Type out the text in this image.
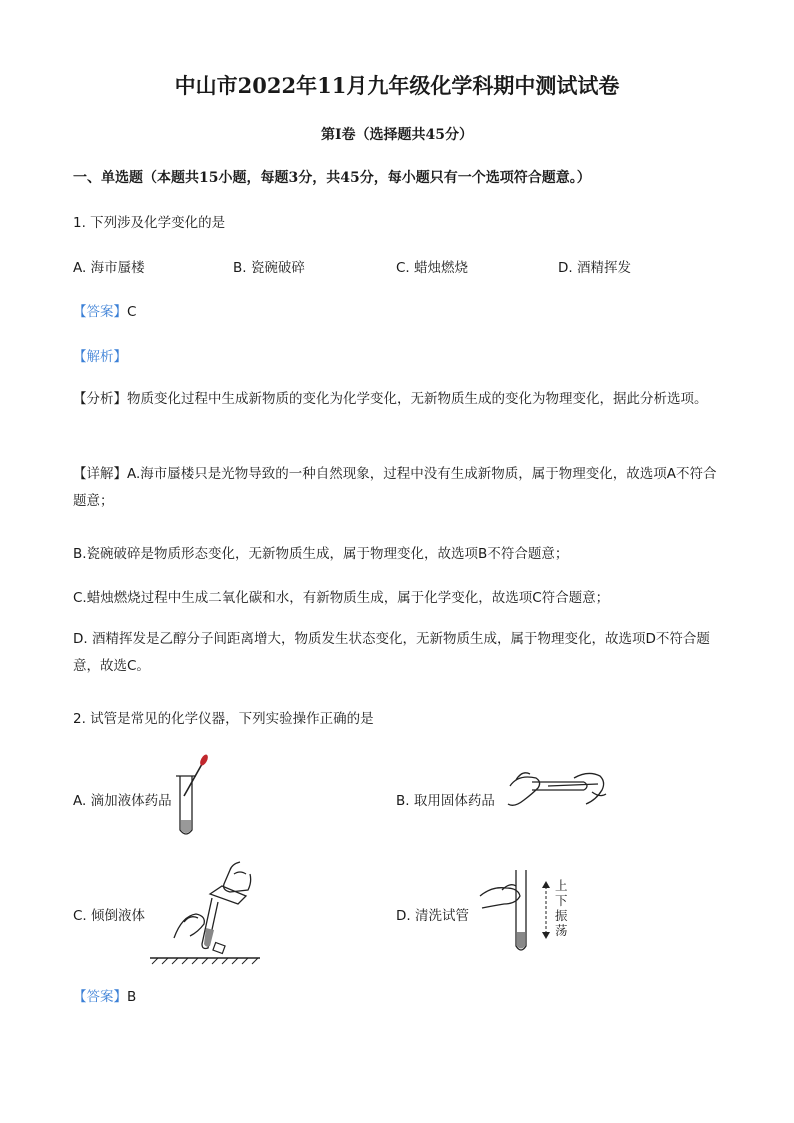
中山市2022年11月九年级化学科期中测试试卷
第Ⅰ卷（选择题共45分）
一、单选题（本题共15小题，每题3分，共45分，每小题只有一个选项符合题意。）
1. 下列涉及化学变化的是
A. 海市蜃楼	B. 瓷碗破碎	C. 蜡烛燃烧	D. 酒精挥发
【答案】C
【解析】
【分析】物质变化过程中生成新物质的变化为化学变化，无新物质生成的变化为物理变化，据此分析选项。
【详解】A.海市蜃楼只是光物导致的一种自然现象，过程中没有生成新物质，属于物理变化，故选项A不符合题意；
B.瓷碗破碎是物质形态变化，无新物质生成，属于物理变化，故选项B不符合题意；
C.蜡烛燃烧过程中生成二氧化碳和水，有新物质生成，属于化学变化，故选项C符合题意；
D. 酒精挥发是乙醇分子间距离增大，物质发生状态变化，无新物质生成，属于物理变化，故选项D不符合题意，故选C。
2. 试管是常见的化学仪器，下列实验操作正确的是
A. 滴加液体药品	B. 取用固体药品
C. 倾倒液体	D. 清洗试管
上
下
振
荡
【答案】B
